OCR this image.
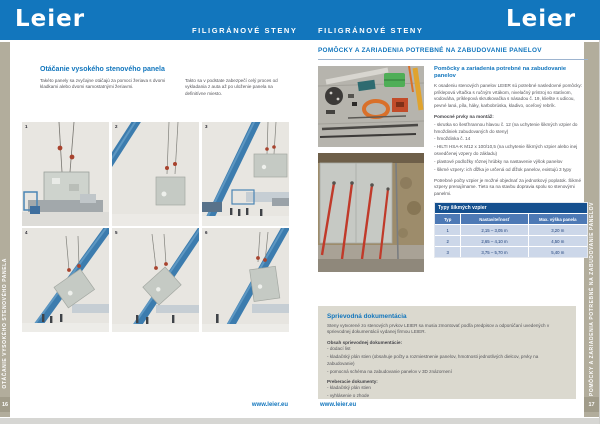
Leier	FILIGRÁNOVÉ STENY	FILIGRÁNOVÉ STENY	Leier
OTÁČANIE VYSOKÉHO STENOVÉHO PANELA
16
POMÔCKY A ZARIADENIA POTREBNÉ NA ZABUDOVANIE PANELOV
17
Otáčanie vysokého stenového panela
Takéto panely sa zvyčajne otáčajú za pomoci žeriava s dvomi kladkami alebo dvomi samostatnými žeriavmi.
Takto sa v podstate zabezpečí celý proces od vykladania z auta až po uloženie panela na definitívne miesto.
1	2	3
4	5	6
www.leier.eu
POMÔCKY A ZARIADENIA POTREBNÉ NA ZABUDOVANIE PANELOV
Pomôcky a zariadenia potrebné na zabudovanie panelov
K osadeniu stenových panelov LEIER sú potrebné nasledovné pomôcky: príklepová vŕtačka s ručným vrtákom, nivelačný prístroj so statívom, vodováha, príklepová skrutkovačka s násadou č. 19, kliešte s udicou, pevné laná, píla, háky, karbobrúska, kladivo, oceľový rebrík.
Pomocné prvky na montáž:
- skrutka so šesťhrannou hlavou č. 12 (na uchytenie šikmých vzpier do hmoždiniek zabudovaných do steny)
- hmoždinka č. 14
- HILTI HSA-K M12 x 100/10,5 (na uchytenie šikmých vzpier alebo inej osvedčenej vzpery do základu)
- plastové podložky rôznej hrúbky na nastavenie výšok panelov
- šikmé vzpery: ich dĺžka je určená od dĺžok panelov, existujú 3 typy
Potrebné počty vzpier je možné objednať za jednotkový poplatok. Šikmé vzpery prenajímame. Tieto sa na stavbu dopravia spolu so stenovými panelmi.
Typy šikmých vzpier
Typ	Nastaviteľnosť	Max. výška panela
1	2,15 – 3,05 m	3,20 m
2	2,65 – 4,10 m	4,50 m
3	3,75 – 5,70 m	5,40 m
Sprievodná dokumentácia
Steny vytvorené zo stenových prvkov LEIER sa musia zmontovať podľa predpisov a odporúčaní uvedených v sprievodnej dokumentácii vydanej firmou LEIER.
Obsah sprievodnej dokumentácie:
- dodací list
- kladačský plán stien (obsahuje počty a rozmiestnenie panelov, hmotnosti jednotlivých dielcov, prvky na zabudovanie)
- pomocná schéma na zabudovanie panelov v 3D znázornení
Preberacie dokumenty:
- kladačský plán stien
- vyhlásenie o zhode
www.leier.eu
